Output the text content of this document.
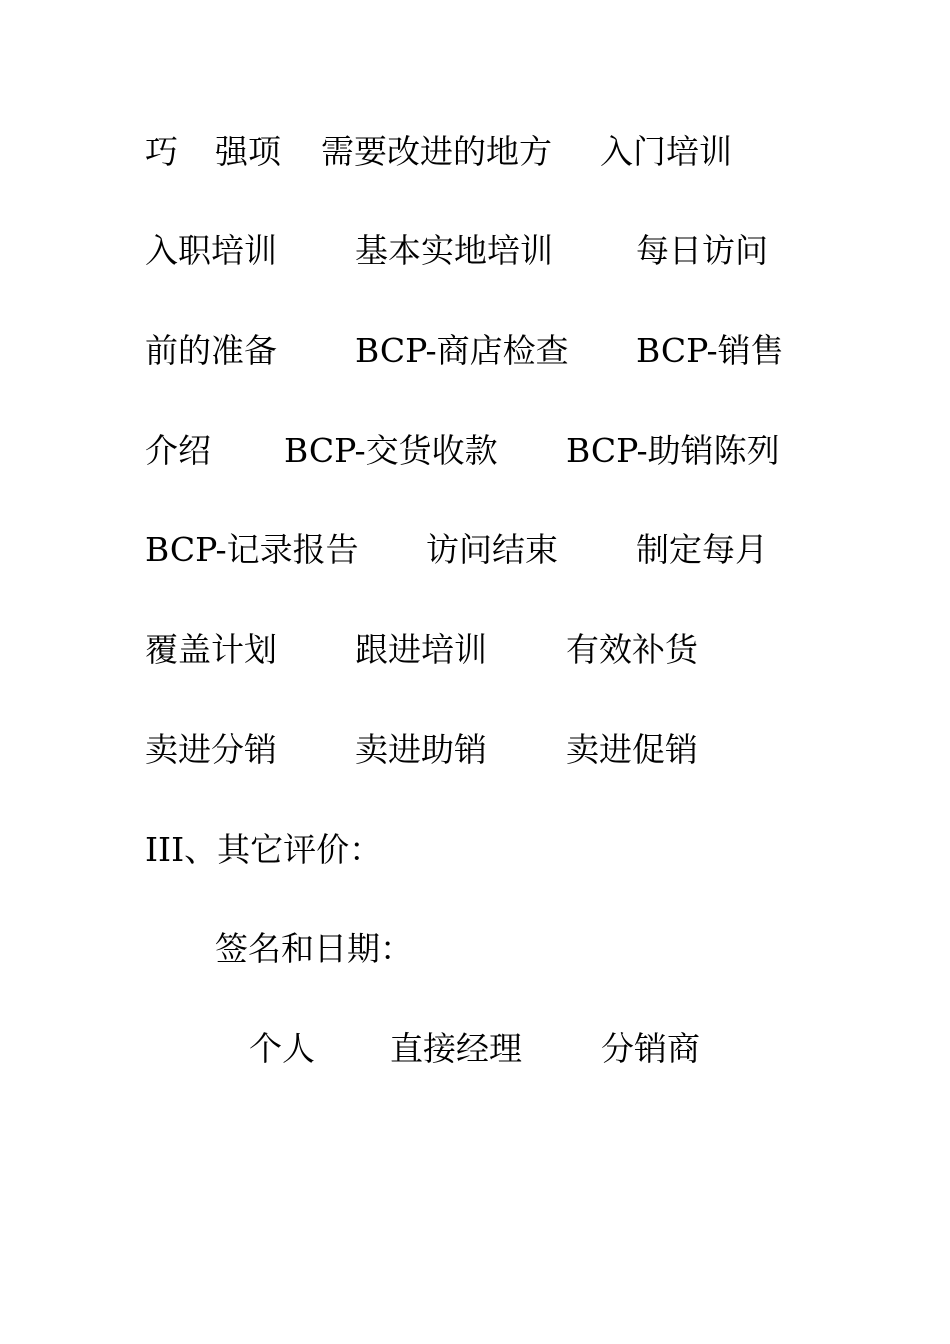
巧 强项 需要改进的地方 入门培训
入职培训 基本实地培训	每日访问
前的准备 BCP-商店检查 BCP-销售
介绍 BCP-交货收款 BCP-助销陈列
BCP-记录报告 访问结束 制定每月
覆盖计划 跟进培训 有效补货
卖进分销 卖进助销 卖进促销
III、其它评价：
签名和日期：
个人 直接经理 分销商
